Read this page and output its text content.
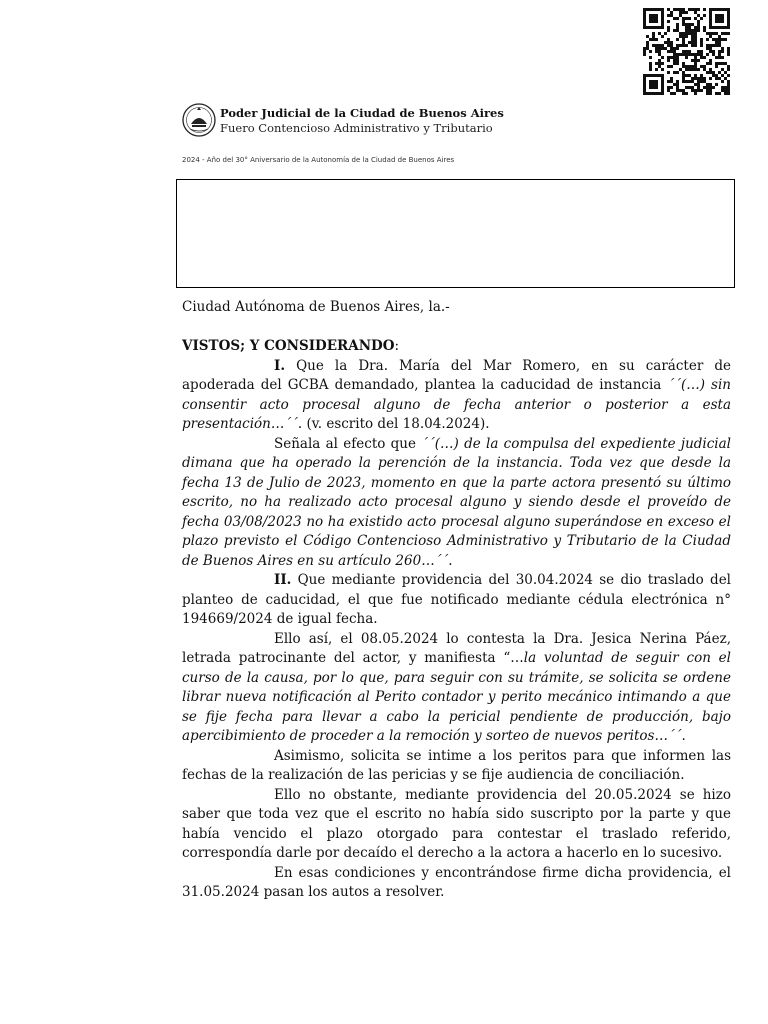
Poder Judicial de la Ciudad de Buenos Aires
Fuero Contencioso Administrativo y Tributario
2024 - Año del 30° Aniversario de la Autonomía de la Ciudad de Buenos Aires

Ciudad Autónoma de Buenos Aires, la.-

VISTOS; Y CONSIDERANDO:

I. Que la Dra. María del Mar Romero, en su carácter de apoderada del GCBA demandado, plantea la caducidad de instancia ´´(…) sin consentir acto procesal alguno de fecha anterior o posterior a esta presentación…´´. (v. escrito del 18.04.2024).

Señala al efecto que ´´(…) de la compulsa del expediente judicial dimana que ha operado la perención de la instancia. Toda vez que desde la fecha 13 de Julio de 2023, momento en que la parte actora presentó su último escrito, no ha realizado acto procesal alguno y siendo desde el proveído de fecha 03/08/2023 no ha existido acto procesal alguno superándose en exceso el plazo previsto el Código Contencioso Administrativo y Tributario de la Ciudad de Buenos Aires en su artículo 260…´´.

II. Que mediante providencia del 30.04.2024 se dio traslado del planteo de caducidad, el que fue notificado mediante cédula electrónica n° 194669/2024 de igual fecha.

Ello así, el 08.05.2024 lo contesta la Dra. Jesica Nerina Páez, letrada patrocinante del actor, y manifiesta “…la voluntad de seguir con el curso de la causa, por lo que, para seguir con su trámite, se solicita se ordene librar nueva notificación al Perito contador y perito mecánico intimando a que se fije fecha para llevar a cabo la pericial pendiente de producción, bajo apercibimiento de proceder a la remoción y sorteo de nuevos peritos…´´.

Asimismo, solicita se intime a los peritos para que informen las fechas de la realización de las pericias y se fije audiencia de conciliación.

Ello no obstante, mediante providencia del 20.05.2024 se hizo saber que toda vez que el escrito no había sido suscripto por la parte y que había vencido el plazo otorgado para contestar el traslado referido, correspondía darle por decaído el derecho a la actora a hacerlo en lo sucesivo.

En esas condiciones y encontrándose firme dicha providencia, el 31.05.2024 pasan los autos a resolver.
